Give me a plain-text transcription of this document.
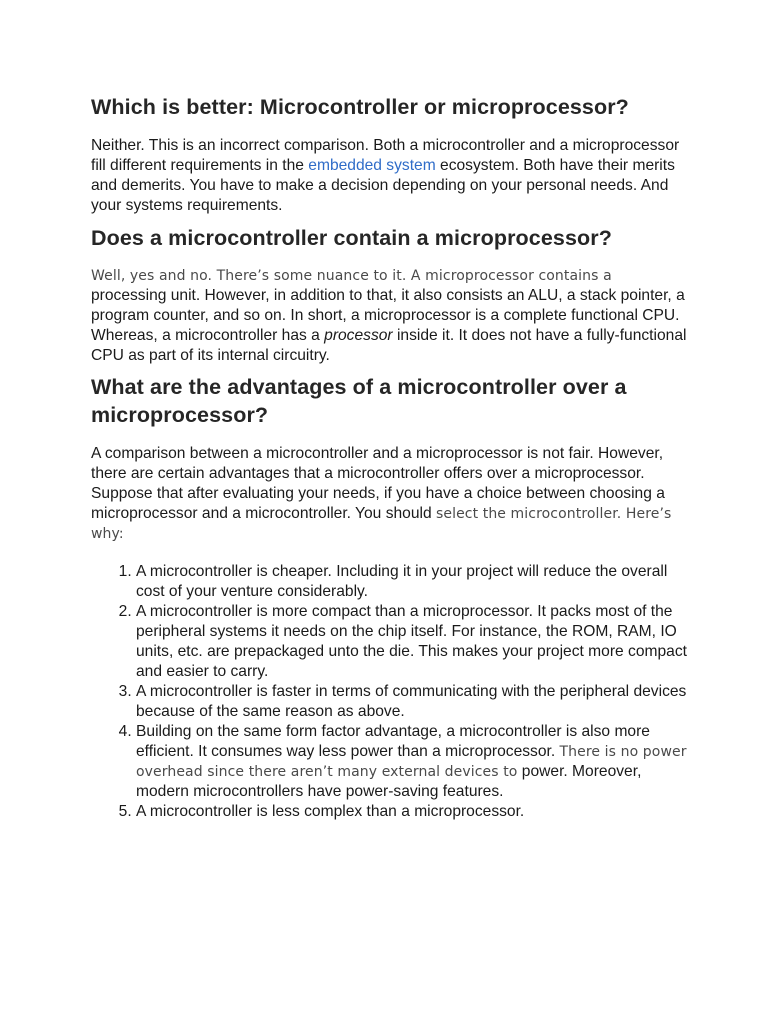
Which is better: Microcontroller or microprocessor?

Neither. This is an incorrect comparison. Both a microcontroller and a microprocessor fill different requirements in the embedded system ecosystem. Both have their merits and demerits. You have to make a decision depending on your personal needs. And your systems requirements.

Does a microcontroller contain a microprocessor?

Well, yes and no. There’s some nuance to it. A microprocessor contains a processing unit. However, in addition to that, it also consists an ALU, a stack pointer, a program counter, and so on. In short, a microprocessor is a complete functional CPU. Whereas, a microcontroller has a processor inside it. It does not have a fully-functional CPU as part of its internal circuitry.

What are the advantages of a microcontroller over a microprocessor?

A comparison between a microcontroller and a microprocessor is not fair. However, there are certain advantages that a microcontroller offers over a microprocessor. Suppose that after evaluating your needs, if you have a choice between choosing a microprocessor and a microcontroller. You should select the microcontroller. Here’s why:

1. A microcontroller is cheaper. Including it in your project will reduce the overall cost of your venture considerably.
2. A microcontroller is more compact than a microprocessor. It packs most of the peripheral systems it needs on the chip itself. For instance, the ROM, RAM, IO units, etc. are prepackaged unto the die. This makes your project more compact and easier to carry.
3. A microcontroller is faster in terms of communicating with the peripheral devices because of the same reason as above.
4. Building on the same form factor advantage, a microcontroller is also more efficient. It consumes way less power than a microprocessor. There is no power overhead since there aren’t many external devices to power. Moreover, modern microcontrollers have power-saving features.
5. A microcontroller is less complex than a microprocessor.
